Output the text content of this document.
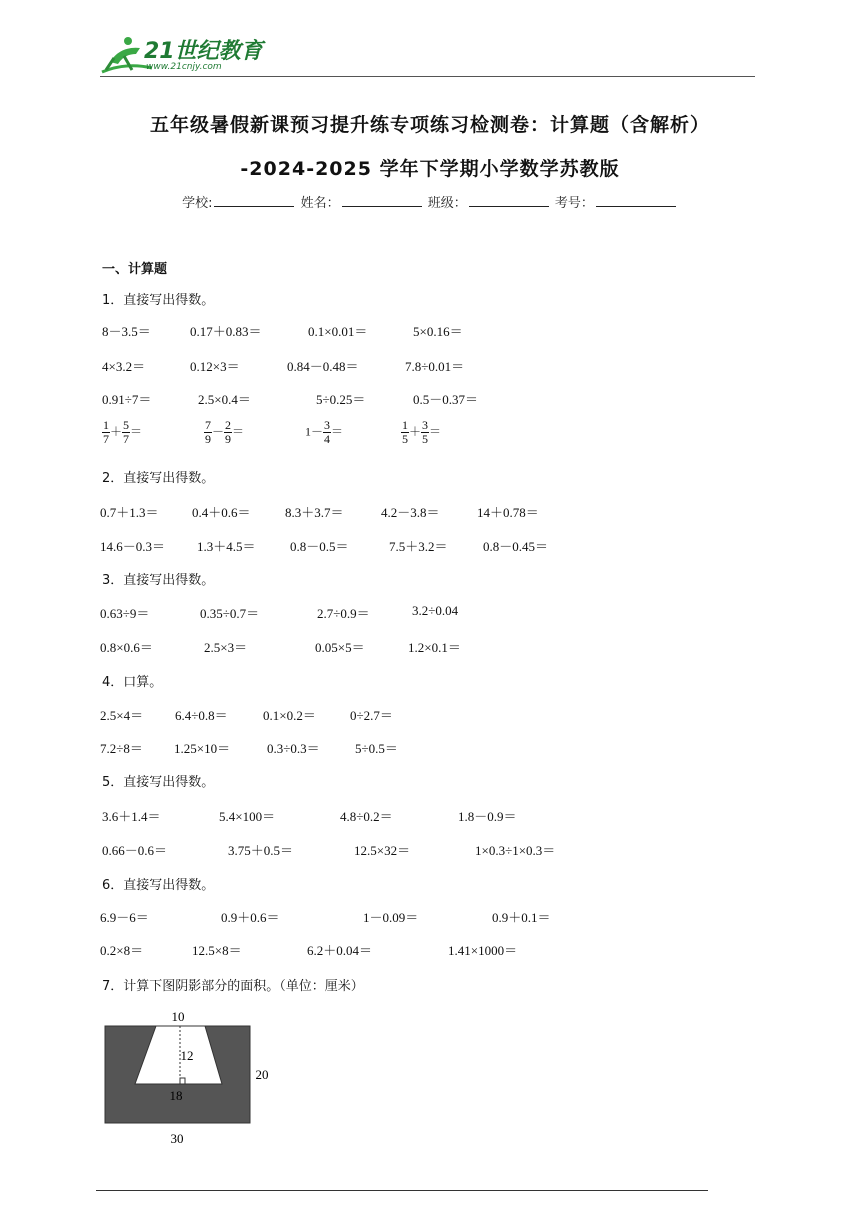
21世纪教育
www.21cnjy.com
五年级暑假新课预习提升练专项练习检测卷：计算题（含解析）
-2024-2025 学年下学期小学数学苏教版
学校:	姓名：	班级：	考号：
一、计算题
1．直接写出得数。
8－3.5＝	0.17＋0.83＝	0.1×0.01＝	5×0.16＝
4×3.2＝	0.12×3＝	0.84－0.48＝	7.8÷0.01＝
0.91÷7＝	2.5×0.4＝	5÷0.25＝	0.5－0.37＝
$\frac{1}{7} + \frac{5}{7}$ ＝	$\frac{7}{9} - \frac{2}{9}$ ＝	$1- \frac{3}{4}$ ＝	$\frac{1}{5} + \frac{3}{5}$ ＝
2．直接写出得数。
0.7＋1.3＝	0.4＋0.6＝	8.3＋3.7＝	4.2－3.8＝	14＋0.78＝
14.6－0.3＝ 1.3＋4.5＝	0.8－0.5＝	7.5＋3.2＝	0.8－0.45＝
3．直接写出得数。
0.63÷9＝	0.35÷0.7＝	2.7÷0.9＝	3.2÷0.04
0.8×0.6＝	2.5×3＝	0.05×5＝	1.2×0.1＝
4．口算。
2.5×4＝ 6.4÷0.8＝	0.1×0.2＝	0÷2.7＝
7.2÷8＝ 1.25×10＝	0.3÷0.3＝	5÷0.5＝
5．直接写出得数。
3.6＋1.4＝	5.4×100＝	4.8÷0.2＝	1.8－0.9＝
0.66－0.6＝	3.75＋0.5＝	12.5×32＝	1×0.3÷1×0.3＝
6．直接写出得数。
6.9－6＝	0.9＋0.6＝	1－0.09＝	0.9＋0.1＝
0.2×8＝	12.5×8＝	6.2＋0.04＝	1.41×1000＝
7．计算下图阴影部分的面积。（单位：厘米）
10
12
18
20
30
